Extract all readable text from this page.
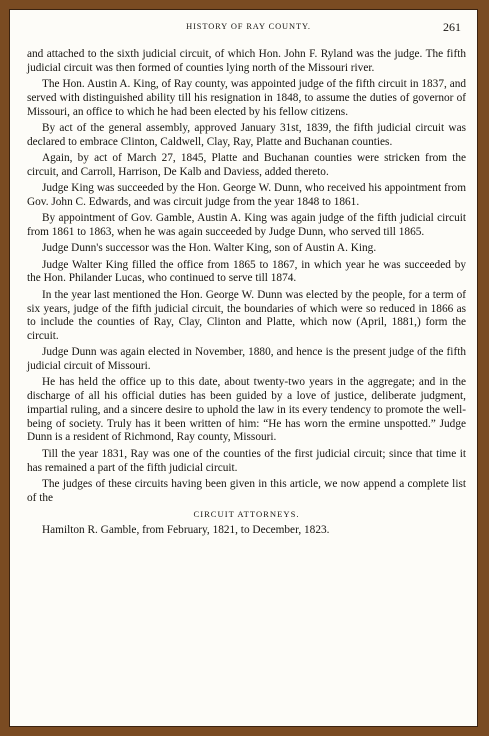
HISTORY OF RAY COUNTY.	261

and attached to the sixth judicial circuit, of which Hon. John F. Ryland was the judge. The fifth judicial circuit was then formed of counties lying north of the Missouri river.

The Hon. Austin A. King, of Ray county, was appointed judge of the fifth circuit in 1837, and served with distinguished ability till his resignation in 1848, to assume the duties of governor of Missouri, an office to which he had been elected by his fellow citizens.

By act of the general assembly, approved January 31st, 1839, the fifth judicial circuit was declared to embrace Clinton, Caldwell, Clay, Ray, Platte and Buchanan counties.

Again, by act of March 27, 1845, Platte and Buchanan counties were stricken from the circuit, and Carroll, Harrison, De Kalb and Daviess, added thereto.

Judge King was succeeded by the Hon. George W. Dunn, who received his appointment from Gov. John C. Edwards, and was circuit judge from the year 1848 to 1861.

By appointment of Gov. Gamble, Austin A. King was again judge of the fifth judicial circuit from 1861 to 1863, when he was again succeeded by Judge Dunn, who served till 1865.

Judge Dunn's successor was the Hon. Walter King, son of Austin A. King.

Judge Walter King filled the office from 1865 to 1867, in which year he was succeeded by the Hon. Philander Lucas, who continued to serve till 1874.

In the year last mentioned the Hon. George W. Dunn was elected by the people, for a term of six years, judge of the fifth judicial circuit, the boundaries of which were so reduced in 1866 as to include the counties of Ray, Clay, Clinton and Platte, which now (April, 1881,) form the circuit.

Judge Dunn was again elected in November, 1880, and hence is the present judge of the fifth judicial circuit of Missouri.

He has held the office up to this date, about twenty-two years in the aggregate; and in the discharge of all his official duties has been guided by a love of justice, deliberate judgment, impartial ruling, and a sincere desire to uphold the law in its every tendency to promote the well-being of society. Truly has it been written of him: “He has worn the ermine unspotted.” Judge Dunn is a resident of Richmond, Ray county, Missouri.

Till the year 1831, Ray was one of the counties of the first judicial circuit; since that time it has remained a part of the fifth judicial circuit.

The judges of these circuits having been given in this article, we now append a complete list of the

CIRCUIT ATTORNEYS.

Hamilton R. Gamble, from February, 1821, to December, 1823.
